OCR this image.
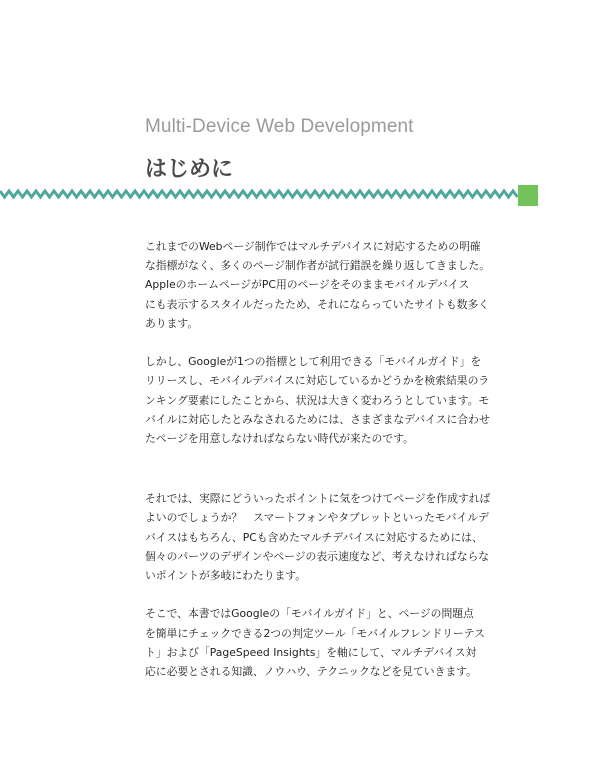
Multi-Device Web Development
はじめに

これまでのWebページ制作ではマルチデバイスに対応するための明確
な指標がなく、多くのページ制作者が試行錯誤を繰り返してきました。
AppleのホームページがPC用のページをそのままモバイルデバイス
にも表示するスタイルだったため、それにならっていたサイトも数多く
あります。

しかし、Googleが1つの指標として利用できる「モバイルガイド」を
リリースし、モバイルデバイスに対応しているかどうかを検索結果のラ
ンキング要素にしたことから、状況は大きく変わろうとしています。モ
バイルに対応したとみなされるためには、さまざまなデバイスに合わせ
たページを用意しなければならない時代が来たのです。

それでは、実際にどういったポイントに気をつけてページを作成すれば
よいのでしょうか？　スマートフォンやタブレットといったモバイルデ
バイスはもちろん、PCも含めたマルチデバイスに対応するためには、
個々のパーツのデザインやページの表示速度など、考えなければならな
いポイントが多岐にわたります。

そこで、本書ではGoogleの「モバイルガイド」と、ページの問題点
を簡単にチェックできる2つの判定ツール「モバイルフレンドリーテス
ト」および「PageSpeed Insights」を軸にして、マルチデバイス対
応に必要とされる知識、ノウハウ、テクニックなどを見ていきます。
